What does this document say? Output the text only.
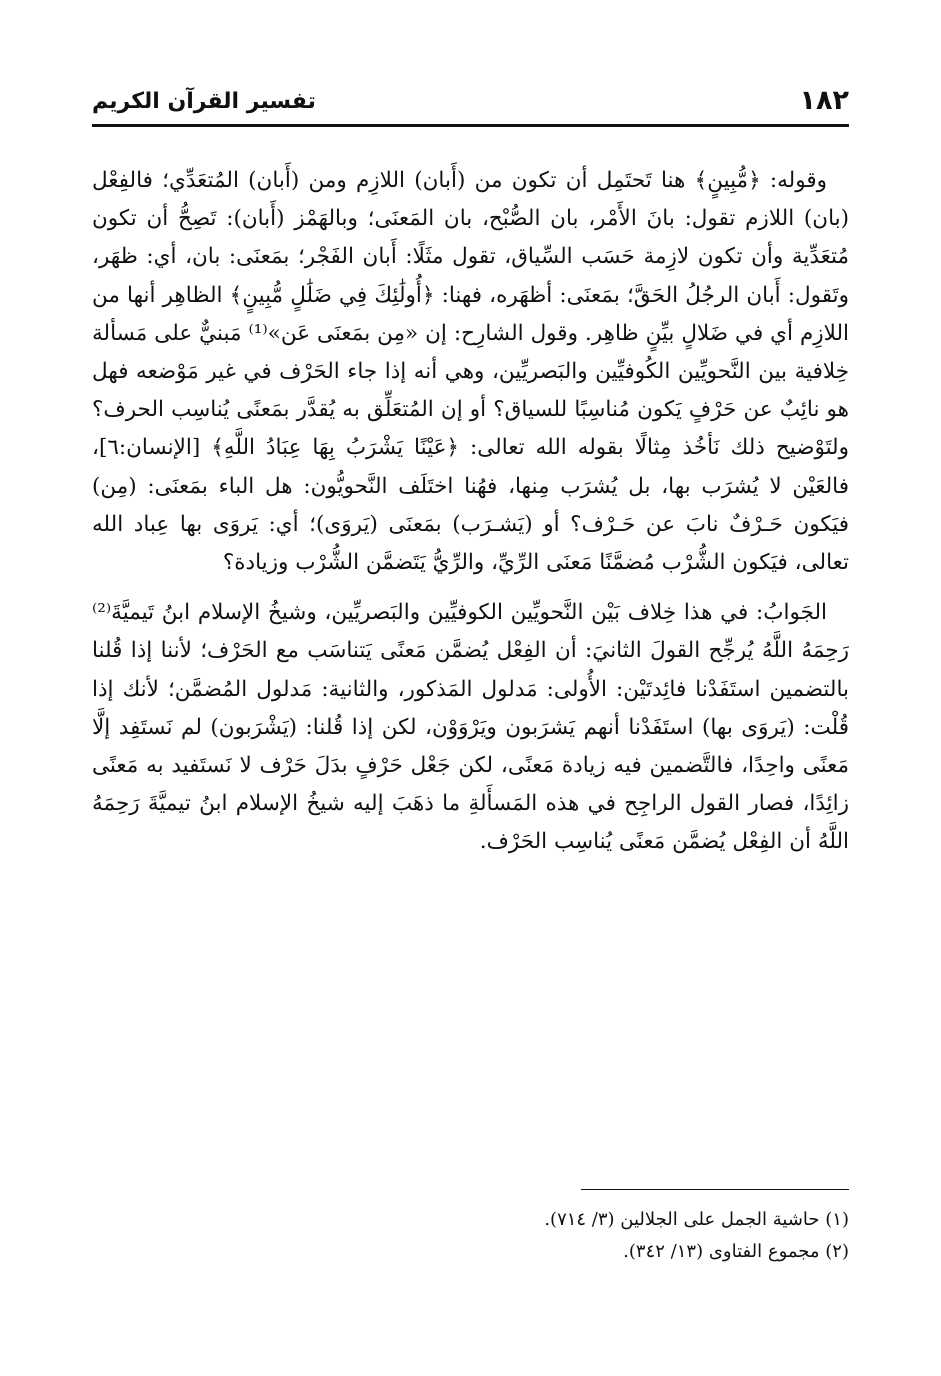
١٨٢
تفسير القرآن الكريم

وقوله: ﴿مُّبِينٍ﴾ هنا تَحتَمِل أن تكون من (أَبان) اللازِم ومن (أَبان) المُتعَدِّي؛ فالفِعْل (بان) اللازم تقول: بانَ الأَمْر، بان الصُّبْح، بان المَعنَى؛ وبالهَمْز (أَبان): تَصِحُّ أن تكون مُتعَدِّية وأن تكون لازِمة حَسَب السِّياق، تقول مثَلًا: أَبان الفَجْر؛ بمَعنَى: بان، أي: ظهَر، وتَقول: أَبان الرجُلُ الحَقَّ؛ بمَعنَى: أظهَره، فهنا: ﴿أُولَٰئِكَ فِي ضَلَٰلٍ مُّبِينٍ﴾ الظاهِر أنها من اللازِم أي في ضَلالٍ بيِّنٍ ظاهِر. وقول الشارِح: إن «مِن بمَعنَى عَن»⁽¹⁾ مَبنيٌّ على مَسألة خِلافية بين النَّحويِّين الكُوفيِّين والبَصريِّين، وهي أنه إذا جاء الحَرْف في غير مَوْضعه فهل هو نائِبٌ عن حَرْفٍ يَكون مُناسِبًا للسياق؟ أو إن المُتعَلِّق به يُقدَّر بمَعنًى يُناسِب الحرف؟ ولتَوْضيح ذلك نَأخُذ مِثالًا بقوله الله تعالى: ﴿عَيْنًا يَشْرَبُ بِهَا عِبَادُ اللَّهِ﴾ [الإنسان:٦]، فالعَيْن لا يُشرَب بها، بل يُشرَب مِنها، فهُنا اختَلَف النَّحويُّون: هل الباء بمَعنَى: (مِن) فيَكون حَـرْفٌ نابَ عن حَـرْف؟ أو (يَشـرَب) بمَعنَى (يَروَى)؛ أي: يَروَى بها عِباد الله تعالى، فيَكون الشُّرْب مُضمَّنًا مَعنَى الرِّيِّ، والرِّيُّ يَتَضمَّن الشُّرْب وزيادة؟

الجَوابُ: في هذا خِلاف بَيْن النَّحويِّين الكوفيِّين والبَصريِّين، وشيخُ الإسلام ابنُ تَيميَّةَ⁽²⁾ رَحِمَهُ اللَّهُ يُرجِّح القولَ الثانيَ: أن الفِعْل يُضمَّن مَعنًى يَتناسَب مع الحَرْف؛ لأننا إذا قُلنا بالتضمين استَفَدْنا فائِدتَيْن: الأُولى: مَدلول المَذكور، والثانية: مَدلول المُضمَّن؛ لأنك إذا قُلْت: (يَروَى بها) استَفَدْنا أنهم يَشرَبون ويَرْوَوْن، لكن إذا قُلنا: (يَشْرَبون) لم نَستَفِد إلَّا مَعنًى واحِدًا، فالتَّضمين فيه زيادة مَعنًى، لكن جَعْل حَرْفٍ بدَلَ حَرْف لا نَستَفيد به مَعنًى زائِدًا، فصار القول الراجِح في هذه المَسأَلةِ ما ذهَبَ إليه شيخُ الإسلام ابنُ تيميَّةَ رَحِمَهُ اللَّهُ أن الفِعْل يُضمَّن مَعنًى يُناسِب الحَرْف.

(١) حاشية الجمل على الجلالين (٣/ ٧١٤).

(٢) مجموع الفتاوى (١٣/ ٣٤٢).
